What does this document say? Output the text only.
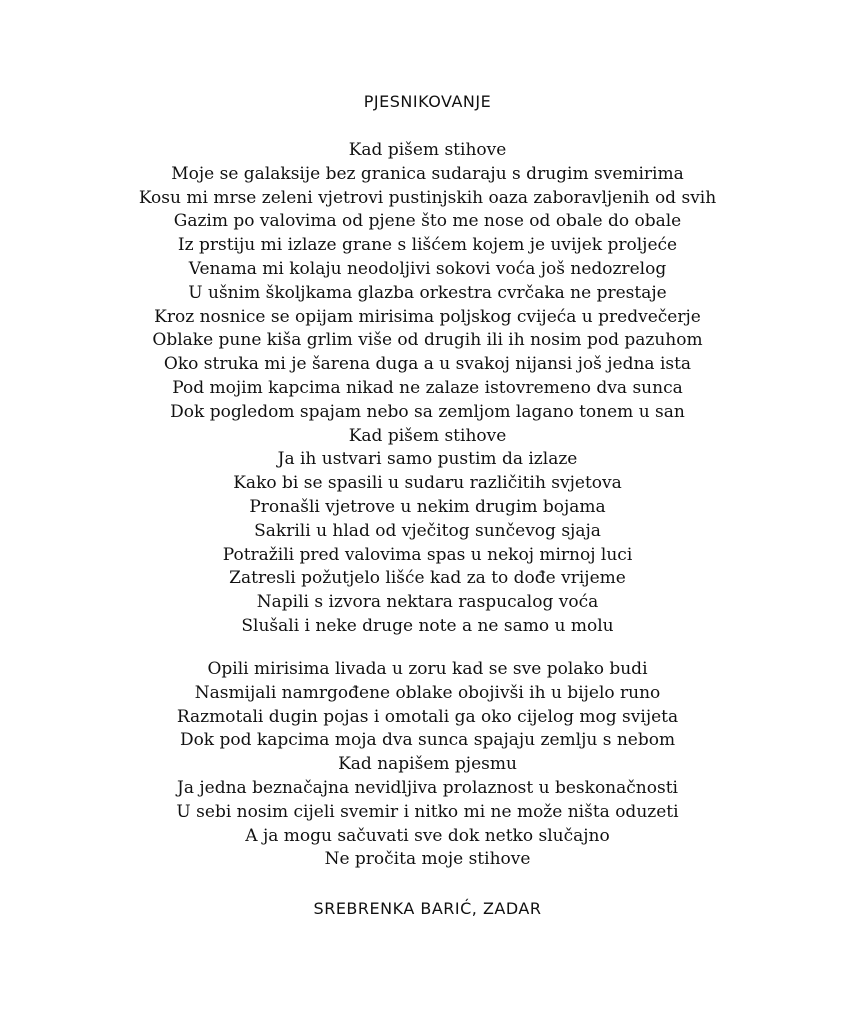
PJESNIKOVANJE
Kad pišem stihove
Moje se galaksije bez granica sudaraju s drugim svemirima
Kosu mi mrse zeleni vjetrovi pustinjskih oaza zaboravljenih od svih
Gazim po valovima od pjene što me nose od obale do obale
Iz prstiju mi izlaze grane s lišćem kojem je uvijek proljeće
Venama mi kolaju neodoljivi sokovi voća još nedozrelog
U ušnim školjkama glazba orkestra cvrčaka ne prestaje
Kroz nosnice se opijam mirisima poljskog cvijeća u predvečerje
Oblake pune kiša grlim više od drugih ili ih nosim pod pazuhom
Oko struka mi je šarena duga a u svakoj nijansi još jedna ista
Pod mojim kapcima nikad ne zalaze istovremeno dva sunca
Dok pogledom spajam nebo sa zemljom lagano tonem u san
Kad pišem stihove
Ja ih ustvari samo pustim da izlaze
Kako bi se spasili u sudaru različitih svjetova
Pronašli vjetrove u nekim drugim bojama
Sakrili u hlad od vječitog sunčevog sjaja
Potražili pred valovima spas u nekoj mirnoj luci
Zatresli požutjelo lišće kad za to dođe vrijeme
Napili s izvora nektara raspucalog voća
Slušali i neke druge note a ne samo u molu
Opili mirisima livada u zoru kad se sve polako budi
Nasmijali namrgođene oblake obojivši ih u bijelo runo
Razmotali dugin pojas i omotali ga oko cijelog mog svijeta
Dok pod kapcima moja dva sunca spajaju zemlju s nebom
Kad napišem pjesmu
Ja jedna beznačajna nevidljiva prolaznost u beskonačnosti
U sebi nosim cijeli svemir i nitko mi ne može ništa oduzeti
A ja mogu sačuvati sve dok netko slučajno
Ne pročita moje stihove
SREBRENKA BARIĆ, ZADAR
